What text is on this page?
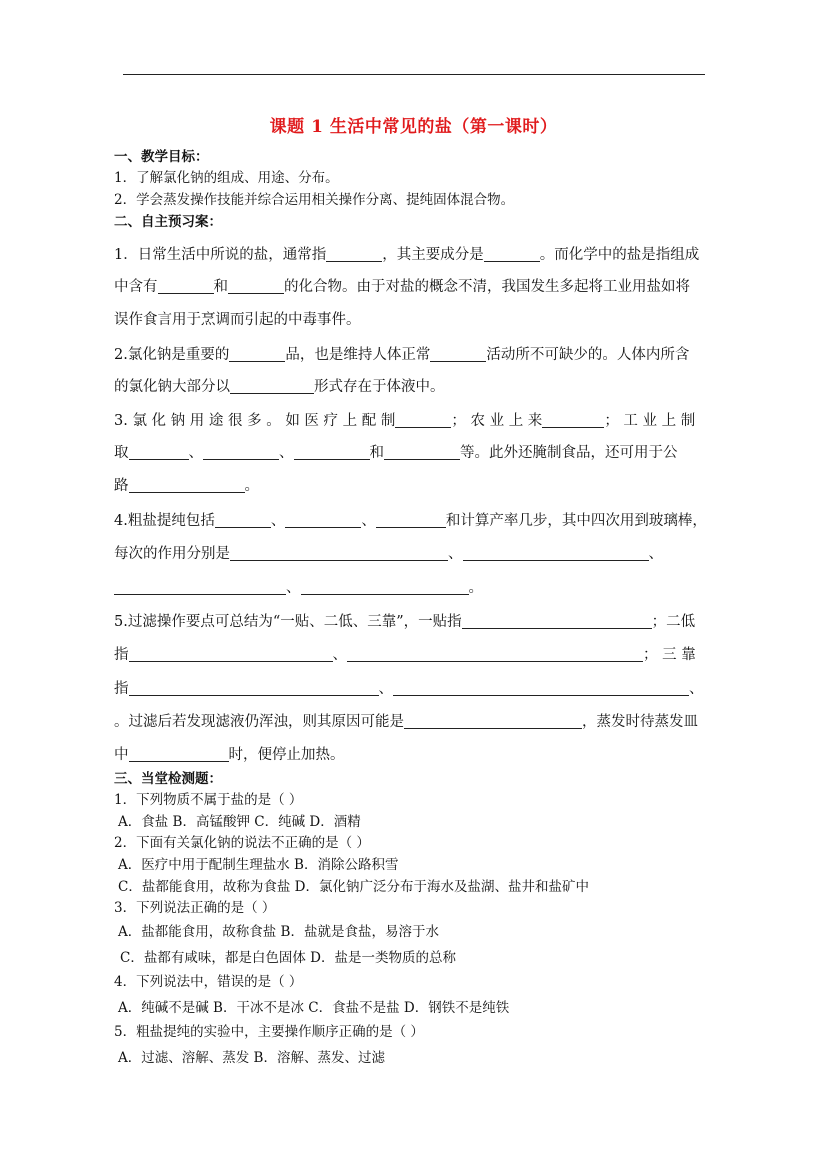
课题 1 生活中常见的盐（第一课时）
一、教学目标：
1．了解氯化钠的组成、用途、分布。
2．学会蒸发操作技能并综合运用相关操作分离、提纯固体混合物。
二、自主预习案：
1．日常生活中所说的盐，通常指	，其主要成分是	。而化学中的盐是指组成
中含有	和	的化合物。由于对盐的概念不清，我国发生多起将工业用盐如将
误作食言用于烹调而引起的中毒事件。
2.氯化钠是重要的	品，也是维持人体正常	活动所不可缺少的。人体内所含
的氯化钠大部分以	形式存在于体液中。
3. 氯 化 钠 用 途 很 多 。 如 医 疗 上 配 制	； 农 业 上 来	； 工 业 上 制
取	、	、	和	等。此外还腌制食品，还可用于公
路	。
4.粗盐提纯包括	、	、	和计算产率几步，其中四次用到玻璃棒，
每次的作用分别是	、	、
、	。
5.过滤操作要点可总结为“一贴、二低、三靠”，一贴指	；二低
指	、	； 三 靠
指	、	、
。过滤后若发现滤液仍浑浊，则其原因可能是	，蒸发时待蒸发皿
中	时，便停止加热。
三、当堂检测题：
1．下列物质不属于盐的是（ ）
A．食盐 B．高锰酸钾 C．纯碱 D．酒精
2．下面有关氯化钠的说法不正确的是（ ）
A．医疗中用于配制生理盐水 B．消除公路积雪
C．盐都能食用，故称为食盐 D．氯化钠广泛分布于海水及盐湖、盐井和盐矿中
3．下列说法正确的是（ ）
A．盐都能食用，故称食盐 B．盐就是食盐，易溶于水
C．盐都有咸味，都是白色固体 D．盐是一类物质的总称
4．下列说法中，错误的是（ ）
A．纯碱不是碱 B．干冰不是冰 C．食盐不是盐 D．钢铁不是纯铁
5．粗盐提纯的实验中，主要操作顺序正确的是（ ）
A．过滤、溶解、蒸发 B．溶解、蒸发、过滤
